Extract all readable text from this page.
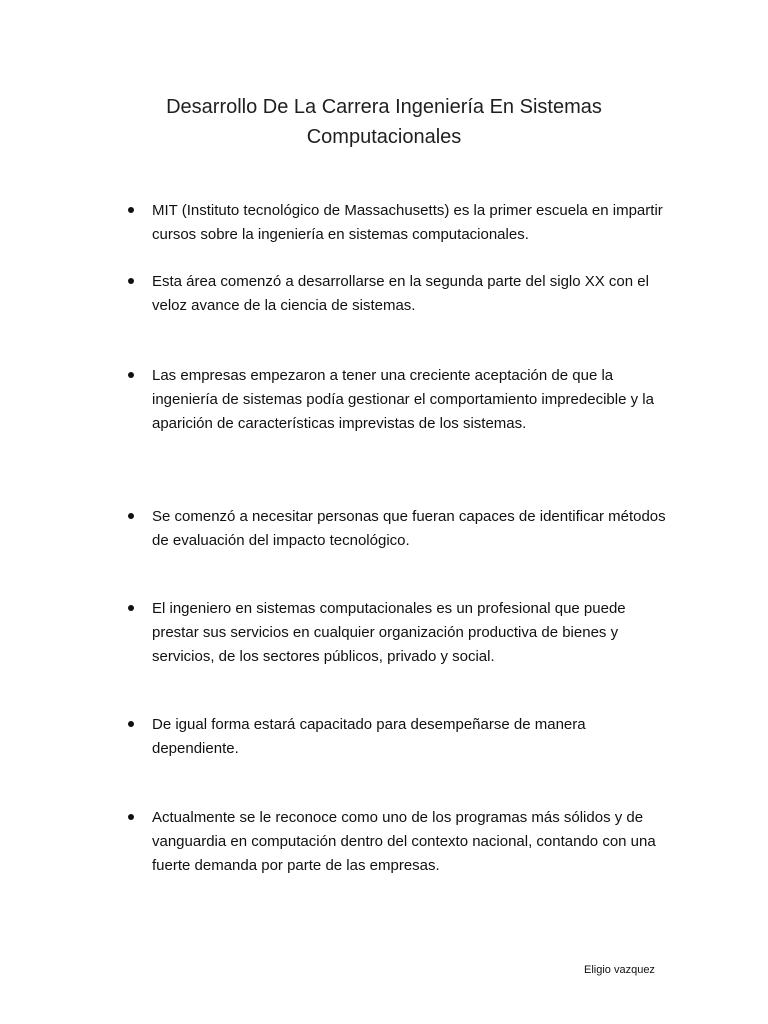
Desarrollo De La Carrera Ingeniería En Sistemas
Computacionales
MIT (Instituto tecnológico de Massachusetts) es la primer escuela en impartir cursos sobre la ingeniería en sistemas computacionales.
Esta área comenzó a desarrollarse en la segunda parte del siglo XX con el veloz avance de la ciencia de sistemas.
Las empresas empezaron a tener una creciente aceptación de que la ingeniería de sistemas podía gestionar el comportamiento impredecible y la aparición de características imprevistas de los sistemas.
Se comenzó a necesitar personas que fueran capaces de identificar métodos de evaluación del impacto tecnológico.
El ingeniero en sistemas computacionales es un profesional que puede prestar sus servicios en cualquier organización productiva de bienes y servicios, de los sectores públicos, privado y social.
De igual forma estará capacitado para desempeñarse de manera dependiente.
Actualmente se le reconoce como uno de los programas más sólidos y de vanguardia en computación dentro del contexto nacional, contando con una fuerte demanda por parte de las empresas.
Eligio vazquez
